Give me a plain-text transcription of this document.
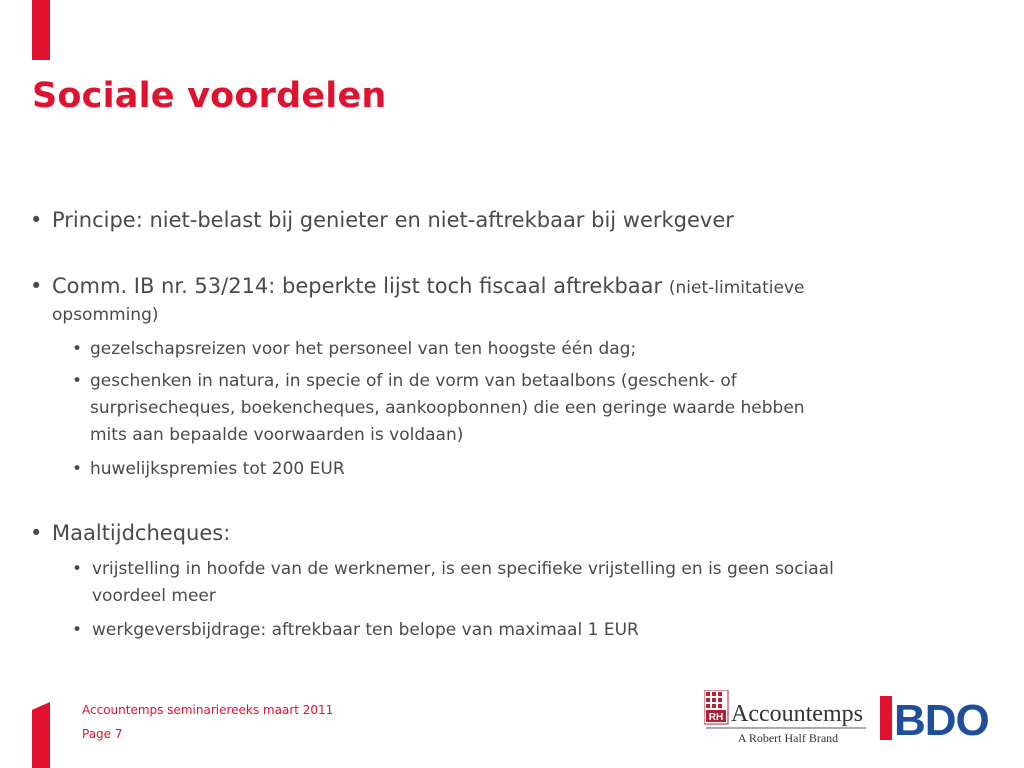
Sociale voordelen
• Principe: niet-belast bij genieter en niet-aftrekbaar bij werkgever
• Comm. IB nr. 53/214: beperkte lijst toch fiscaal aftrekbaar (niet-limitatieve
opsomming)
• gezelschapsreizen voor het personeel van ten hoogste één dag;
• geschenken in natura, in specie of in de vorm van betaalbons (geschenk- of
surprisecheques, boekencheques, aankoopbonnen) die een geringe waarde hebben
mits aan bepaalde voorwaarden is voldaan)
• huwelijkspremies tot 200 EUR
• Maaltijdcheques:
• vrijstelling in hoofde van de werknemer, is een specifieke vrijstelling en is geen sociaal
voordeel meer
• werkgeversbijdrage: aftrekbaar ten belope van maximaal 1 EUR
Accountemps seminariereeks maart 2011
Page 7
RH Accountemps
A Robert Half Brand BDO
